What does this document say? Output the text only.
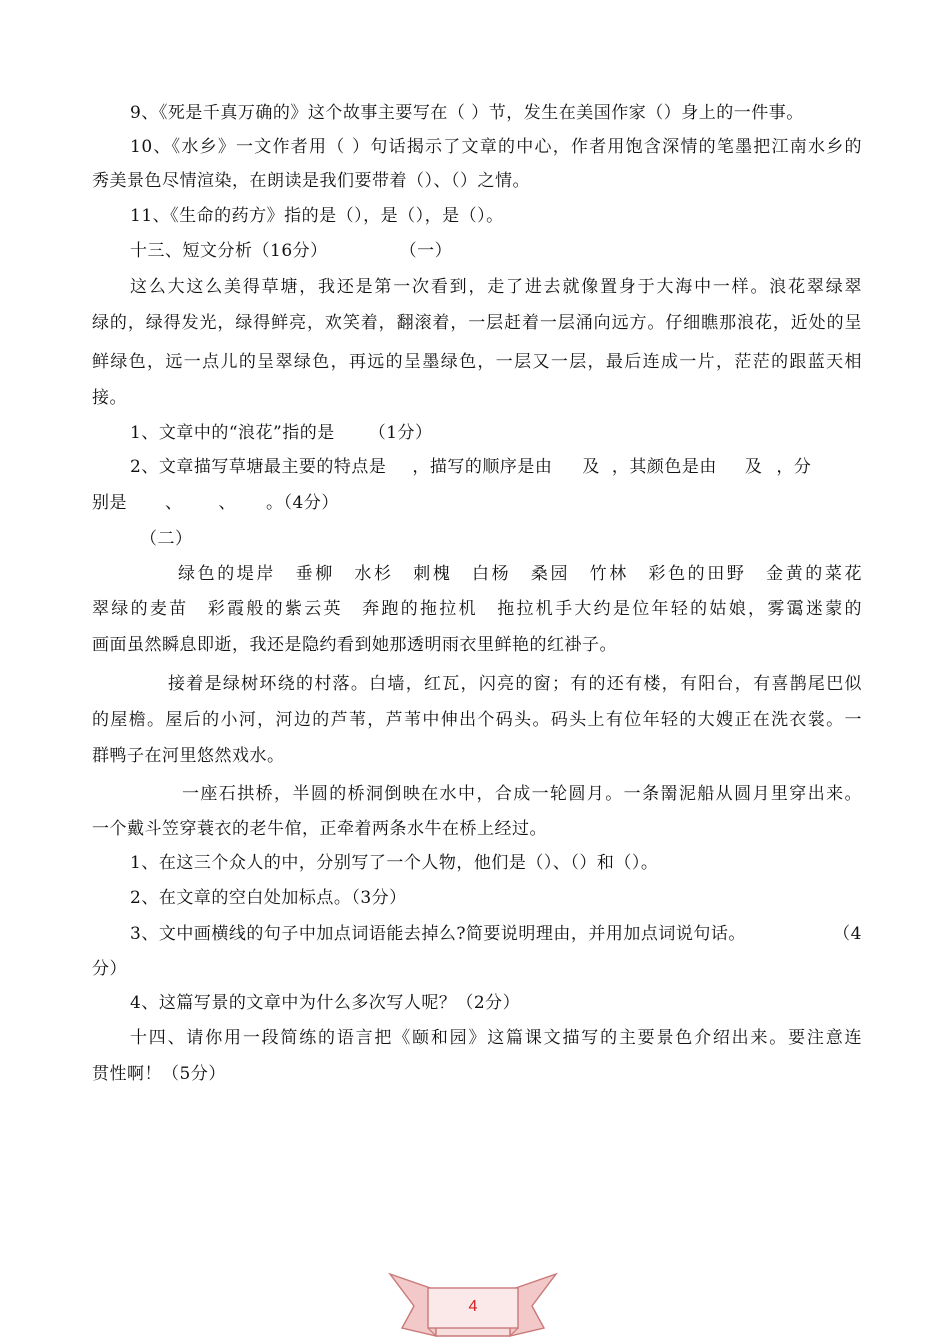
9、《死是千真万确的》这个故事主要写在（ ）节，发生在美国作家（）身上的一件事。
10、《水乡》一文作者用（ ）句话揭示了文章的中心，作者用饱含深情的笔墨把江南水乡的
秀美景色尽情渲染，在朗读是我们要带着（）、（）之情。
11、《生命的药方》指的是（），是（），是（）。
十三、短文分析（16分）	（一）
这么大这么美得草塘，我还是第一次看到，走了进去就像置身于大海中一样。浪花翠绿翠
绿的，绿得发光，绿得鲜亮，欢笑着，翻滚着，一层赶着一层涌向远方。仔细瞧那浪花，近处的呈
鲜绿色，远一点儿的呈翠绿色，再远的呈墨绿色，一层又一层，最后连成一片，茫茫的跟蓝天相
接。
1、文章中的“浪花”指的是 （1分）
2、文章描写草塘最主要的特点是 ，描写的顺序是由 及 ，其颜色是由 及 ，分
别是 、 、 。（4分）
（二）
绿色的堤岸　垂柳　水杉　刺槐　白杨　桑园　竹林　彩色的田野　金黄的菜花
翠绿的麦苗　彩霞般的紫云英　奔跑的拖拉机　拖拉机手大约是位年轻的姑娘，雾霭迷蒙的
画面虽然瞬息即逝，我还是隐约看到她那透明雨衣里鲜艳的红褂子。
接着是绿树环绕的村落。白墙，红瓦，闪亮的窗；有的还有楼，有阳台，有喜鹊尾巴似
的屋檐。屋后的小河，河边的芦苇，芦苇中伸出个码头。码头上有位年轻的大嫂正在洗衣裳。一
群鸭子在河里悠然戏水。
一座石拱桥，半圆的桥洞倒映在水中，合成一轮圆月。一条罱泥船从圆月里穿出来。
一个戴斗笠穿蓑衣的老牛倌，正牵着两条水牛在桥上经过。
1、在这三个众人的中，分别写了一个人物，他们是（）、（）和（）。
2、在文章的空白处加标点。（3分）
3、文中画横线的句子中加点词语能去掉么?简要说明理由，并用加点词说句话。	（4
分）
4、这篇写景的文章中为什么多次写人呢？（2分）
十四、请你用一段简练的语言把《颐和园》这篇课文描写的主要景色介绍出来。要注意连
贯性啊！（5分）
4
